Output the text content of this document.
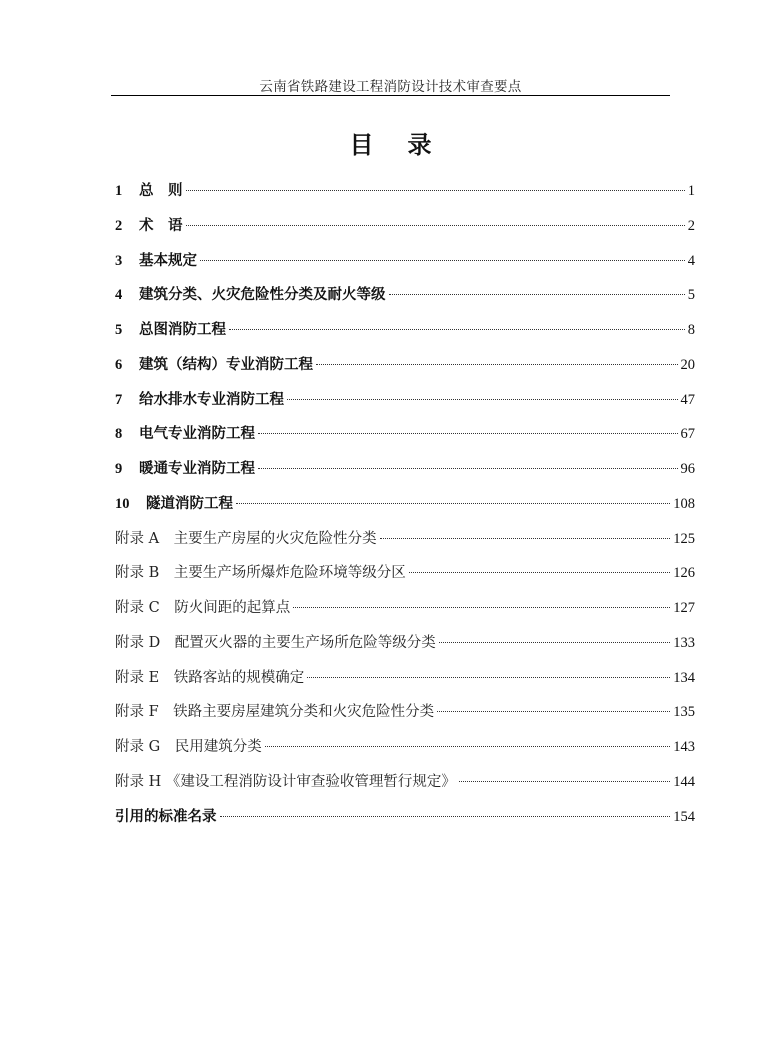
云南省铁路建设工程消防设计技术审查要点
目录
1	总　则	1
2	术　语	2
3	基本规定	4
4	建筑分类、火灾危险性分类及耐火等级	5
5	总图消防工程	8
6	建筑（结构）专业消防工程	20
7	给水排水专业消防工程	47
8	电气专业消防工程	67
9	暖通专业消防工程	96
10	隧道消防工程	108
附录 A　主要生产房屋的火灾危险性分类	125
附录 B　主要生产场所爆炸危险环境等级分区	126
附录 C　防火间距的起算点	127
附录 D　配置灭火器的主要生产场所危险等级分类	133
附录 E　铁路客站的规模确定	134
附录 F　铁路主要房屋建筑分类和火灾危险性分类	135
附录 G　民用建筑分类	143
附录 H 《建设工程消防设计审查验收管理暂行规定》	144
引用的标准名录	154
